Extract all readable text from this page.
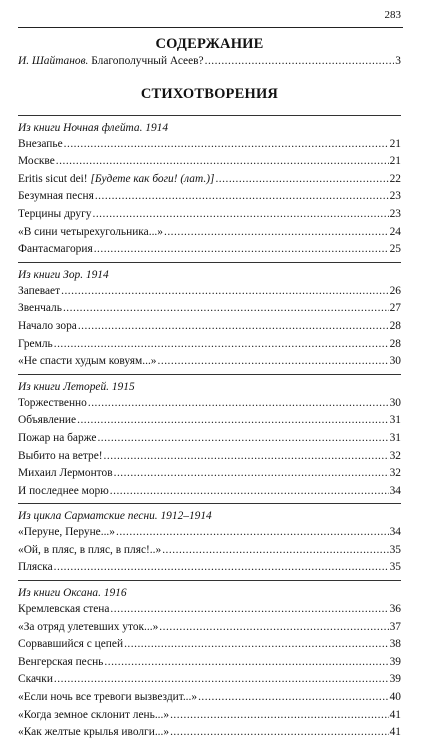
283
СОДЕРЖАНИЕ
И. Шайтанов. Благополучный Асеев? .....	3
СТИХОТВОРЕНИЯ
Из книги Ночная флейта. 1914
Внезапье .....	21
Москве .....	21
Eritis sicut dei! [Будете как боги! (лат.)] .....	22
Безумная песня .....	23
Терцины другу .....	23
«В сини четырехугольника...» .....	24
Фантасмагория .....	25
Из книги Зор. 1914
Запевает .....	26
Звенчаль .....	27
Начало зора .....	28
Гремль .....	28
«Не спасти худым ковуям...» .....	30
Из книги Леторей. 1915
Торжественно .....	30
Объявление .....	31
Пожар на барже .....	31
Выбито на ветре! .....	32
Михаил Лермонтов .....	32
И последнее морю .....	34
Из цикла Сарматские песни. 1912–1914
«Перуне, Перуне...» .....	34
«Ой, в пляс, в пляс, в пляс!..» .....	35
Пляска .....	35
Из книги Оксана. 1916
Кремлевская стена .....	36
«За отряд улетевших уток...» .....	37
Сорвавшийся с цепей .....	38
Венгерская песнь .....	39
Скачки .....	39
«Если ночь все тревоги вызвездит...» .....	40
«Когда земное склонит лень...» .....	41
«Как желтые крылья иволги...» .....	41
